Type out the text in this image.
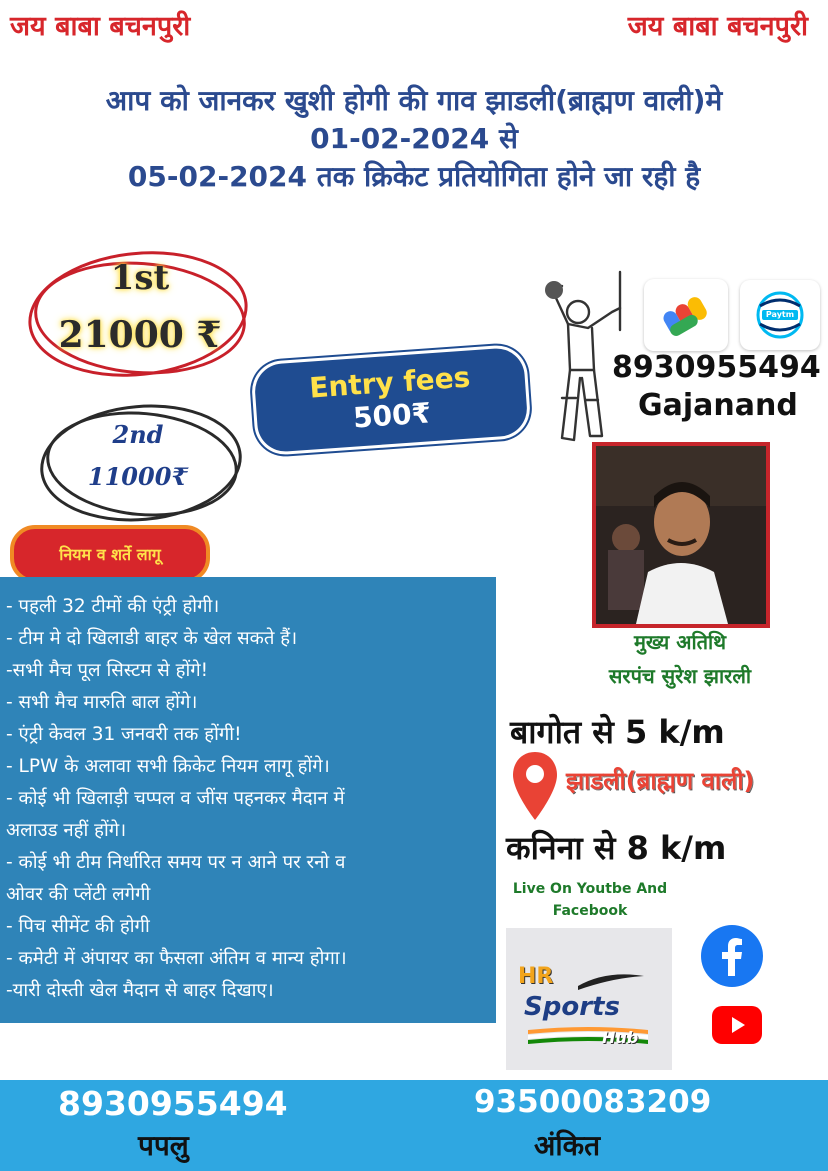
जय बाबा बचनपुरी	जय बाबा बचनपुरी
आप को जानकर खुशी होगी की गाव झाडली(ब्राह्मण वाली)मे
01-02-2024 से
05-02-2024 तक क्रिकेट प्रतियोगिता होने जा रही है
1st
21000 ₹
2nd
11000₹
Entry fees
500₹
Paytm
8930955494
Gajanand
मुख्य अतिथि
सरपंच सुरेश झारली
बागोत से 5 k/m
झाडली(ब्राह्मण वाली)
कनिना से 8 k/m
Live On Youtbe And
Facebook
HR
Sports
Hub
नियम व शर्ते लागू
- पहली 32 टीमों की एंट्री होगी।
- टीम मे दो खिलाडी बाहर के खेल सकते हैं।
-सभी मैच पूल सिस्टम से होंगे!
- सभी मैच मारुति बाल होंगे।
- एंट्री केवल 31 जनवरी तक होंगी!
- LPW के अलावा सभी क्रिकेट नियम लागू होंगे।
- कोई भी खिलाड़ी चप्पल व जींस पहनकर मैदान में
अलाउड नहीं होंगे।
- कोई भी टीम निर्धारित समय पर न आने पर रनो व
ओवर की प्लेंटी लगेगी
- पिच सीमेंट की होगी
- कमेटी में अंपायर का फैसला अंतिम व मान्य होगा।
-यारी दोस्ती खेल मैदान से बाहर दिखाए।
8930955494
पपलु
93500083209
अंकित
